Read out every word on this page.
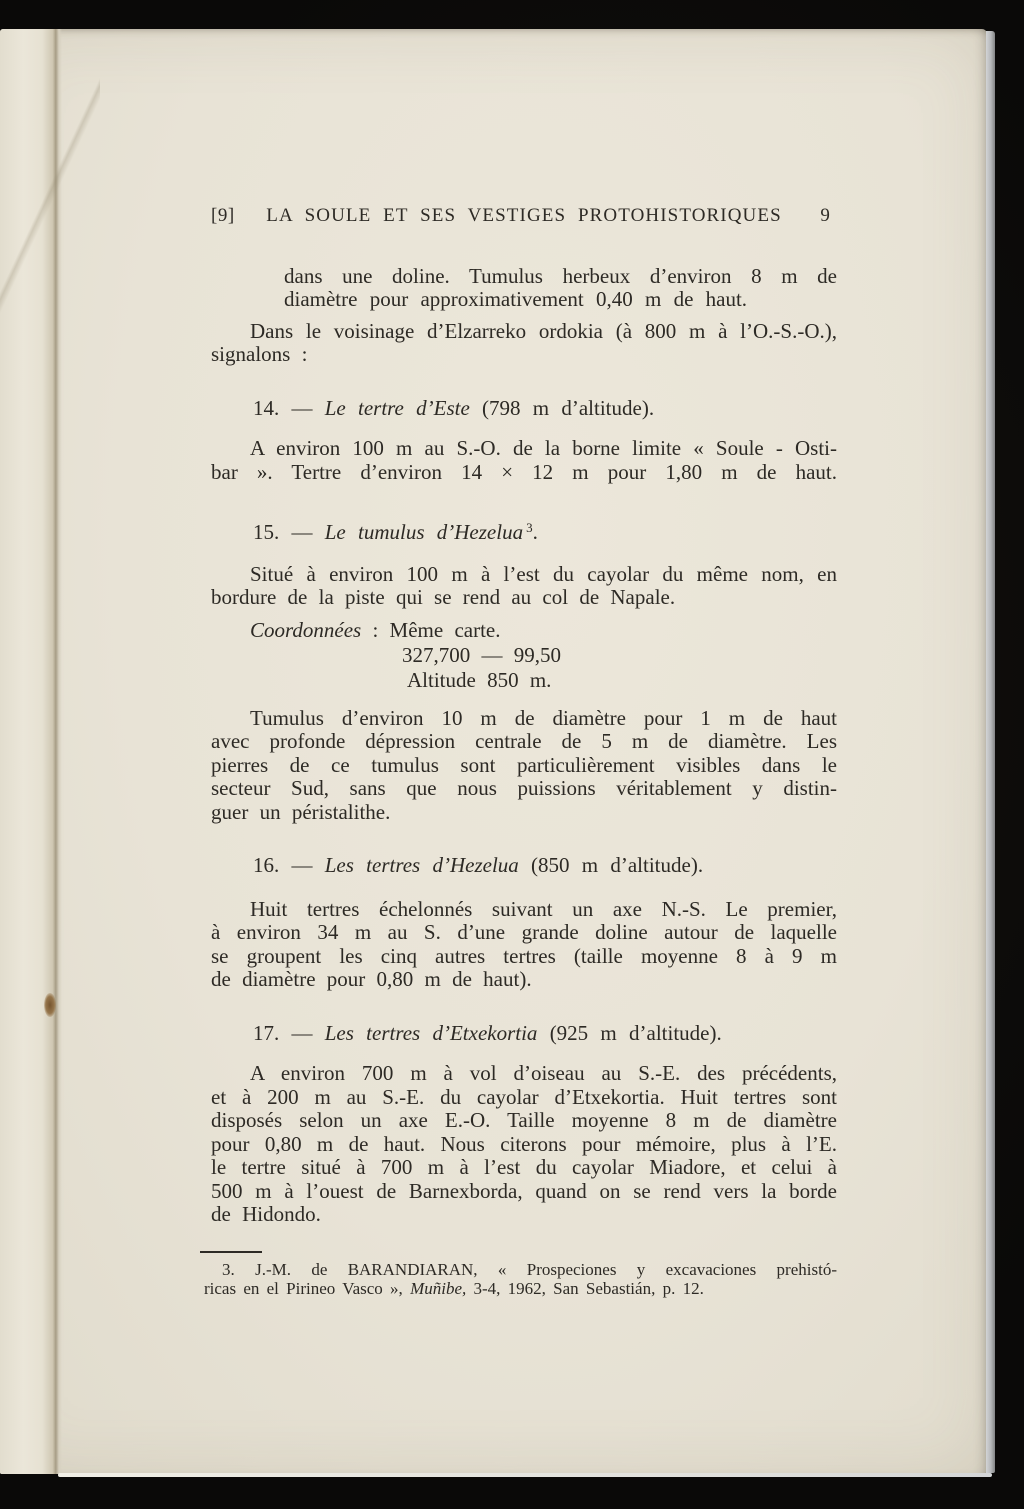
[9] LA SOULE ET SES VESTIGES PROTOHISTORIQUES 9
dans une doline. Tumulus herbeux d’environ 8 m de
diamètre pour approximativement 0,40 m de haut.
Dans le voisinage d’Elzarreko ordokia (à 800 m à l’O.-S.-O.),
signalons :
14. — Le tertre d’Este (798 m d’altitude).
A environ 100 m au S.-O. de la borne limite « Soule - Osti-
bar ». Tertre d’environ 14 × 12 m pour 1,80 m de haut.
15. — Le tumulus d’Hezelua $^3$.
Situé à environ 100 m à l’est du cayolar du même nom, en
bordure de la piste qui se rend au col de Napale.
Coordonnées : Même carte.
327,700 — 99,50
Altitude 850 m.
Tumulus d’environ 10 m de diamètre pour 1 m de haut
avec profonde dépression centrale de 5 m de diamètre. Les
pierres de ce tumulus sont particulièrement visibles dans le
secteur Sud, sans que nous puissions véritablement y distin-
guer un péristalithe.
16. — Les tertres d’Hezelua (850 m d’altitude).
Huit tertres échelonnés suivant un axe N.-S. Le premier,
à environ 34 m au S. d’une grande doline autour de laquelle
se groupent les cinq autres tertres (taille moyenne 8 à 9 m
de diamètre pour 0,80 m de haut).
17. — Les tertres d’Etxekortia (925 m d’altitude).
A environ 700 m à vol d’oiseau au S.-E. des précédents,
et à 200 m au S.-E. du cayolar d’Etxekortia. Huit tertres sont
disposés selon un axe E.-O. Taille moyenne 8 m de diamètre
pour 0,80 m de haut. Nous citerons pour mémoire, plus à l’E.
le tertre situé à 700 m à l’est du cayolar Miadore, et celui à
500 m à l’ouest de Barnexborda, quand on se rend vers la borde
de Hidondo.
3. J.-M. de BARANDIARAN, « Prospeciones y excavaciones prehistó-
ricas en el Pirineo Vasco », Muñibe, 3-4, 1962, San Sebastián, p. 12.
